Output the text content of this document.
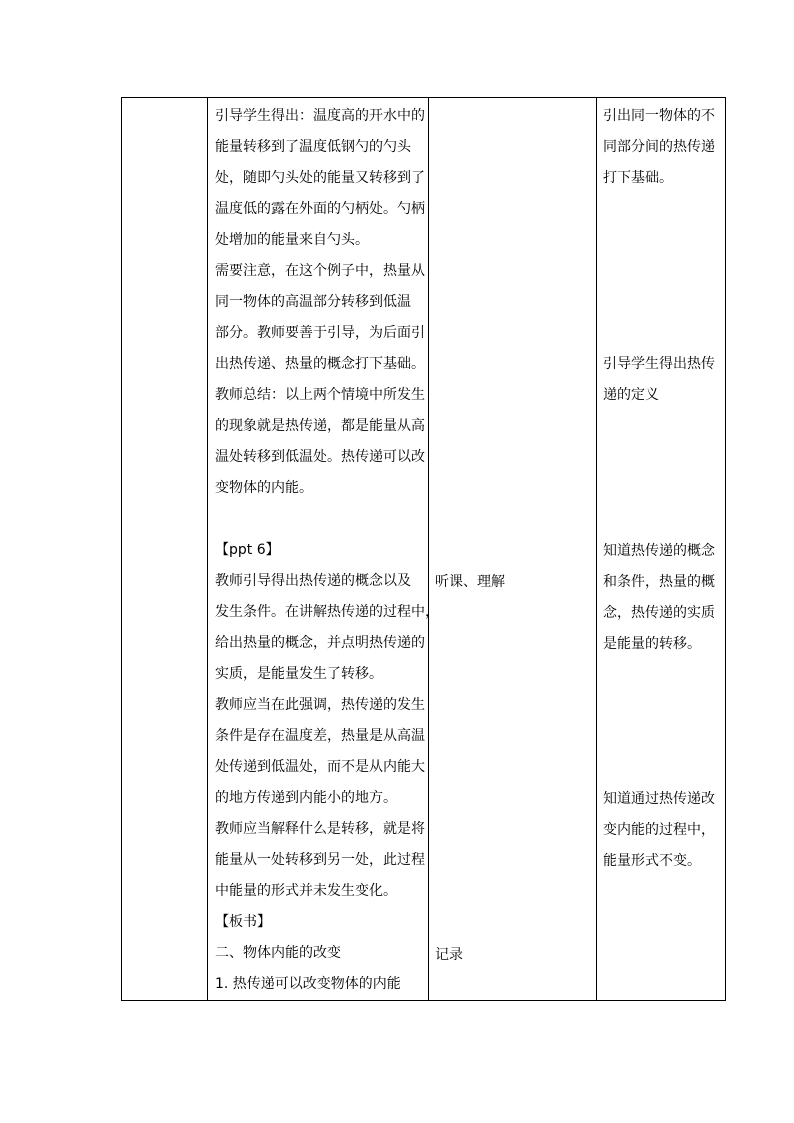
引导学生得出：温度高的开水中的
能量转移到了温度低钢勺的勺头
处，随即勺头处的能量又转移到了
温度低的露在外面的勺柄处。勺柄
处增加的能量来自勺头。
需要注意，在这个例子中，热量从
同一物体的高温部分转移到低温
部分。教师要善于引导，为后面引
出热传递、热量的概念打下基础。
教师总结：以上两个情境中所发生
的现象就是热传递，都是能量从高
温处转移到低温处。热传递可以改
变物体的内能。
【ppt 6】
教师引导得出热传递的概念以及
发生条件。在讲解热传递的过程中，
给出热量的概念，并点明热传递的
实质，是能量发生了转移。
教师应当在此强调，热传递的发生
条件是存在温度差，热量是从高温
处传递到低温处，而不是从内能大
的地方传递到内能小的地方。
教师应当解释什么是转移，就是将
能量从一处转移到另一处，此过程
中能量的形式并未发生变化。
【板书】
二、物体内能的改变
1. 热传递可以改变物体的内能
听课、理解
记录
引出同一物体的不
同部分间的热传递
打下基础。
引导学生得出热传
递的定义
知道热传递的概念
和条件，热量的概
念，热传递的实质
是能量的转移。
知道通过热传递改
变内能的过程中，
能量形式不变。
